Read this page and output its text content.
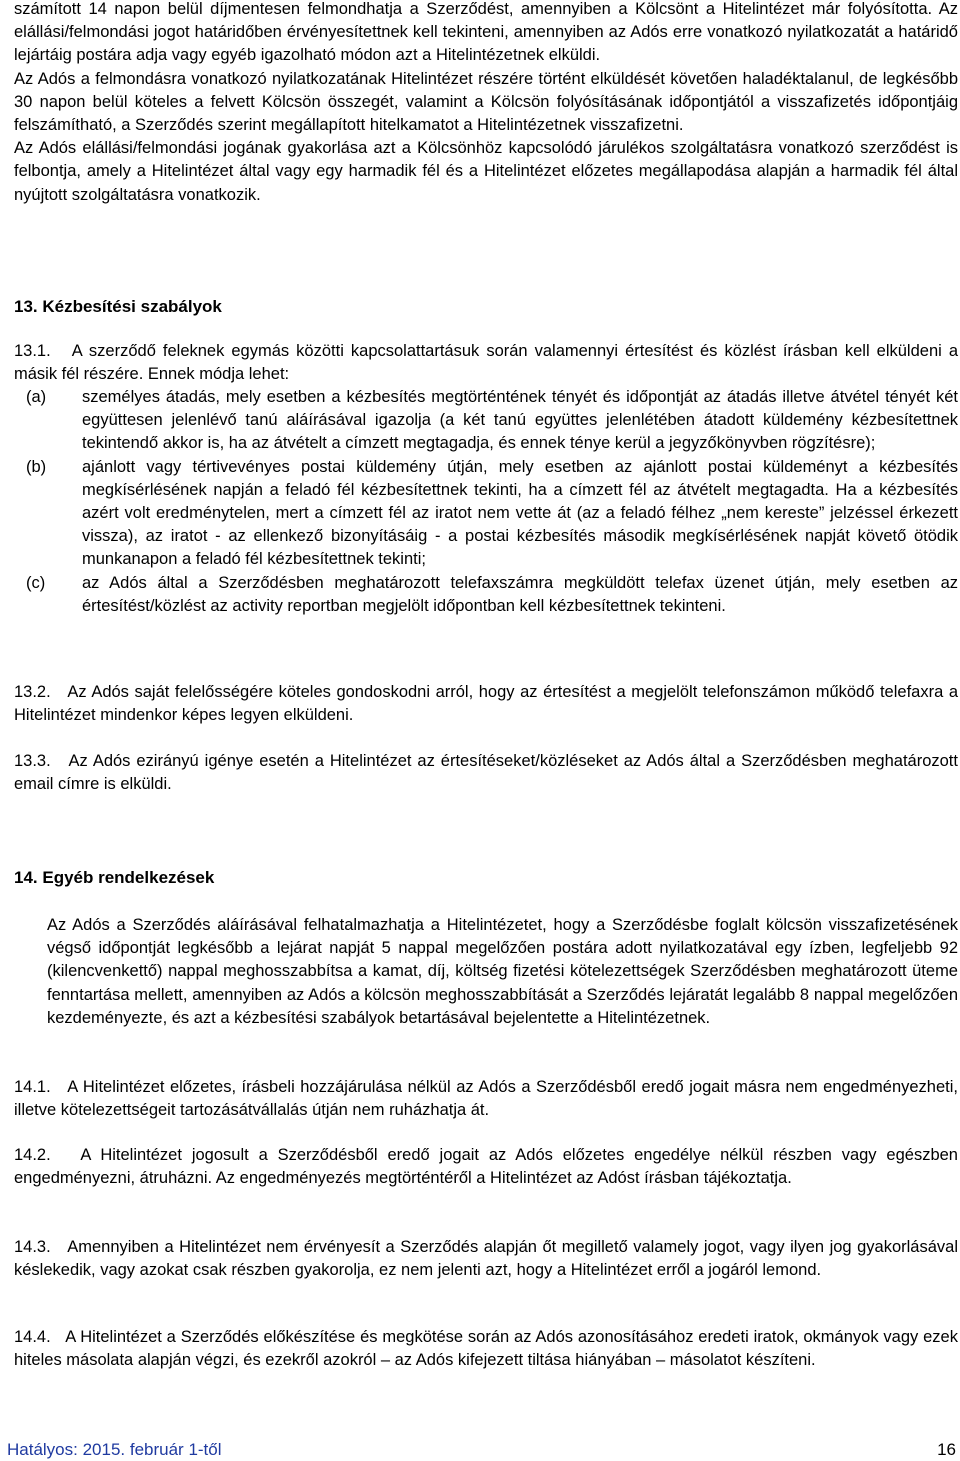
számított 14 napon belül díjmentesen felmondhatja a Szerződést, amennyiben a Kölcsönt a Hitelintézet már folyósította. Az elállási/felmondási jogot határidőben érvényesítettnek kell tekinteni, amennyiben az Adós erre vonatkozó nyilatkozatát a határidő lejártáig postára adja vagy egyéb igazolható módon azt a Hitelintézetnek elküldi.

Az Adós a felmondásra vonatkozó nyilatkozatának Hitelintézet részére történt elküldését követően haladéktalanul, de legkésőbb 30 napon belül köteles a felvett Kölcsön összegét, valamint a Kölcsön folyósításának időpontjától a visszafizetés időpontjáig felszámítható, a Szerződés szerint megállapított hitelkamatot a Hitelintézetnek visszafizetni.

Az Adós elállási/felmondási jogának gyakorlása azt a Kölcsönhöz kapcsolódó járulékos szolgáltatásra vonatkozó szerződést is felbontja, amely a Hitelintézet által vagy egy harmadik fél és a Hitelintézet előzetes megállapodása alapján a harmadik fél által nyújtott szolgáltatásra vonatkozik.

13. Kézbesítési szabályok
13.1. A szerződő feleknek egymás közötti kapcsolattartásuk során valamennyi értesítést és közlést írásban kell elküldeni a másik fél részére. Ennek módja lehet:
(a) személyes átadás, mely esetben a kézbesítés megtörténtének tényét és időpontját az átadás illetve átvétel tényét két együttesen jelenlévő tanú aláírásával igazolja (a két tanú együttes jelenlétében átadott küldemény kézbesítettnek tekintendő akkor is, ha az átvételt a címzett megtagadja, és ennek ténye kerül a jegyzőkönyvben rögzítésre);
(b) ajánlott vagy tértivevényes postai küldemény útján, mely esetben az ajánlott postai küldeményt a kézbesítés megkísérlésének napján a feladó fél kézbesítettnek tekinti, ha a címzett fél az átvételt megtagadta. Ha a kézbesítés azért volt eredménytelen, mert a címzett fél az iratot nem vette át (az a feladó félhez „nem kereste” jelzéssel érkezett vissza), az iratot - az ellenkező bizonyításáig - a postai kézbesítés második megkísérlésének napját követő ötödik munkanapon a feladó fél kézbesítettnek tekinti;
(c) az Adós által a Szerződésben meghatározott telefaxszámra megküldött telefax üzenet útján, mely esetben az értesítést/közlést az activity reportban megjelölt időpontban kell kézbesítettnek tekinteni.
13.2. Az Adós saját felelősségére köteles gondoskodni arról, hogy az értesítést a megjelölt telefonszámon működő telefaxra a Hitelintézet mindenkor képes legyen elküldeni.
13.3. Az Adós ezirányú igénye esetén a Hitelintézet az értesítéseket/közléseket az Adós által a Szerződésben meghatározott email címre is elküldi.
14. Egyéb rendelkezések
Az Adós a Szerződés aláírásával felhatalmazhatja a Hitelintézetet, hogy a Szerződésbe foglalt kölcsön visszafizetésének végső időpontját legkésőbb a lejárat napját 5 nappal megelőzően postára adott nyilatkozatával egy ízben, legfeljebb 92 (kilencvenkettő) nappal meghosszabbítsa a kamat, díj, költség fizetési kötelezettségek Szerződésben meghatározott üteme fenntartása mellett, amennyiben az Adós a kölcsön meghosszabbítását a Szerződés lejáratát legalább 8 nappal megelőzően kezdeményezte, és azt a kézbesítési szabályok betartásával bejelentette a Hitelintézetnek.
14.1. A Hitelintézet előzetes, írásbeli hozzájárulása nélkül az Adós a Szerződésből eredő jogait másra nem engedményezheti, illetve kötelezettségeit tartozásátvállalás útján nem ruházhatja át.
14.2. A Hitelintézet jogosult a Szerződésből eredő jogait az Adós előzetes engedélye nélkül részben vagy egészben engedményezni, átruházni. Az engedményezés megtörténtéről a Hitelintézet az Adóst írásban tájékoztatja.
14.3. Amennyiben a Hitelintézet nem érvényesít a Szerződés alapján őt megillető valamely jogot, vagy ilyen jog gyakorlásával késlekedik, vagy azokat csak részben gyakorolja, ez nem jelenti azt, hogy a Hitelintézet erről a jogáról lemond.
14.4. A Hitelintézet a Szerződés előkészítése és megkötése során az Adós azonosításához eredeti iratok, okmányok vagy ezek hiteles másolata alapján végzi, és ezekről azokról – az Adós kifejezett tiltása hiányában – másolatot készíteni.
Hatályos: 2015. február 1-től	16
